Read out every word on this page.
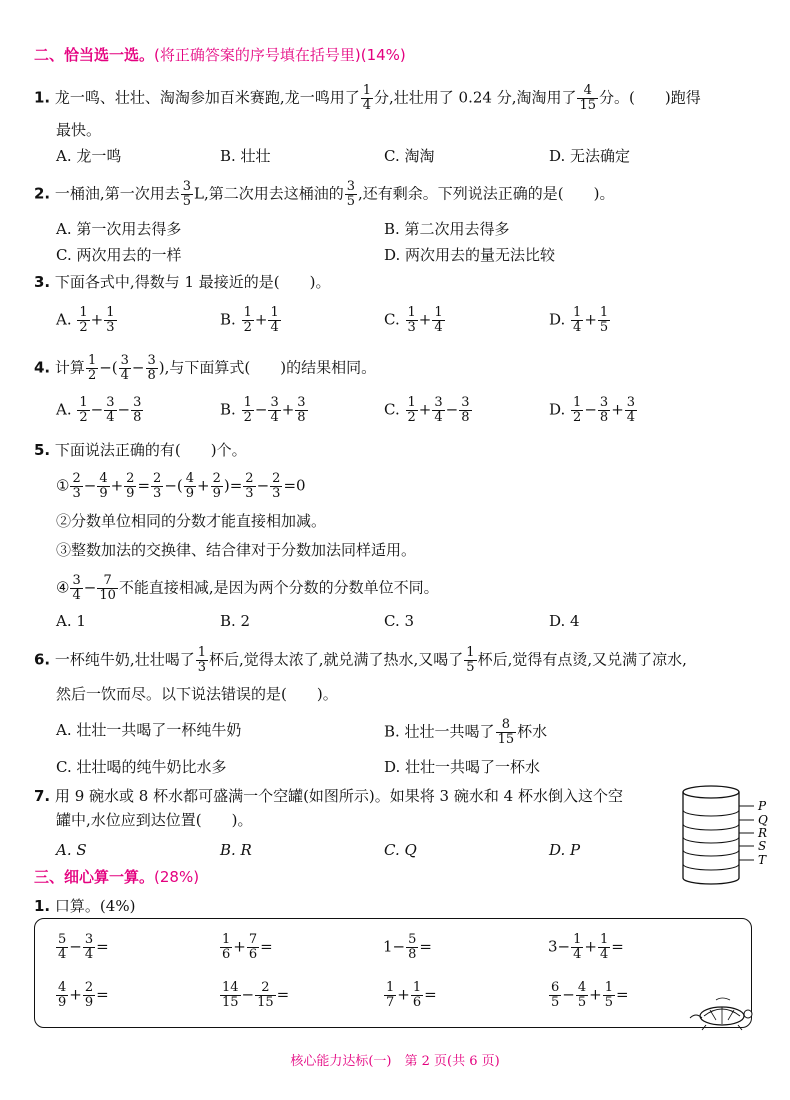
二、恰当选一选。(将正确答案的序号填在括号里)(14%)
1. 龙一鸣、壮壮、淘淘参加百米赛跑,龙一鸣用了 $\frac{1}{4}$ 分,壮壮用了 0.24 分,淘淘用了 $\frac{4}{15}$ 分。(　　)跑得
最快。
A. 龙一鸣	B. 壮壮	C. 淘淘	D. 无法确定
2. 一桶油,第一次用去 $\frac{3}{5} L$,第二次用去这桶油的 $\frac{3}{5}$ ,还有剩余。下列说法正确的是(　　)。
A. 第一次用去得多	B. 第二次用去得多
C. 两次用去的一样	D. 两次用去的量无法比较
3. 下面各式中,得数与 1 最接近的是(　　)。
A. $\frac{1}{2} + \frac{1}{3}$	B. $\frac{1}{2} + \frac{1}{4}$	C. $\frac{1}{3} + \frac{1}{4}$	D. $\frac{1}{4} + \frac{1}{5}$
4. 计算 $\frac{1}{2}$ −( $\frac{3}{4} - \frac{3}{8}$ ),与下面算式(　　)的结果相同。
A. $\frac{1}{2} - \frac{3}{4} - \frac{3}{8}$	B. $\frac{1}{2} - \frac{3}{4} + \frac{3}{8}$	C. $\frac{1}{2} + \frac{3}{4} - \frac{3}{8}$	D. $\frac{1}{2} - \frac{3}{8} + \frac{3}{4}$
5. 下面说法正确的有(　　)个。
① $\frac{2}{3} - \frac{4}{9} + \frac{2}{9} = \frac{2}{3}$ −( $\frac{4}{9} + \frac{2}{9}$ )= $\frac{2}{3} - \frac{2}{3} =0$
②分数单位相同的分数才能直接相加减。
③整数加法的交换律、结合律对于分数加法同样适用。
④ $\frac{3}{4} - \frac{7}{10}$ 不能直接相减,是因为两个分数的分数单位不同。
A. 1	B. 2	C. 3	D. 4
6. 一杯纯牛奶,壮壮喝了 $\frac{1}{3}$ 杯后,觉得太浓了,就兑满了热水,又喝了 $\frac{1}{5}$ 杯后,觉得有点烫,又兑满了凉水,
然后一饮而尽。以下说法错误的是(　　)。
A. 壮壮一共喝了一杯纯牛奶	B. 壮壮一共喝了 $\frac{8}{15}$ 杯水
C. 壮壮喝的纯牛奶比水多	D. 壮壮一共喝了一杯水
7. 用 9 碗水或 8 杯水都可盛满一个空罐(如图所示)。如果将 3 碗水和 4 杯水倒入这个空
罐中,水位应到达位置(　　)。
A. S	B. R	C. Q	D. P
P
Q
R
S
T
三、细心算一算。(28%)
1. 口算。(4%)
$\frac{5}{4} - \frac{3}{4}$ =	$\frac{1}{6} + \frac{7}{6}$ =	$1- \frac{5}{8}$ =	$3- \frac{1}{4} + \frac{1}{4}$ =
$\frac{4}{9} + \frac{2}{9}$ =	$\frac{14}{15} - \frac{2}{15}$ =	$\frac{1}{7} + \frac{1}{6}$ =	$\frac{6}{5} - \frac{4}{5} + \frac{1}{5}$ =
核心能力达标(一)　第 2 页(共 6 页)
